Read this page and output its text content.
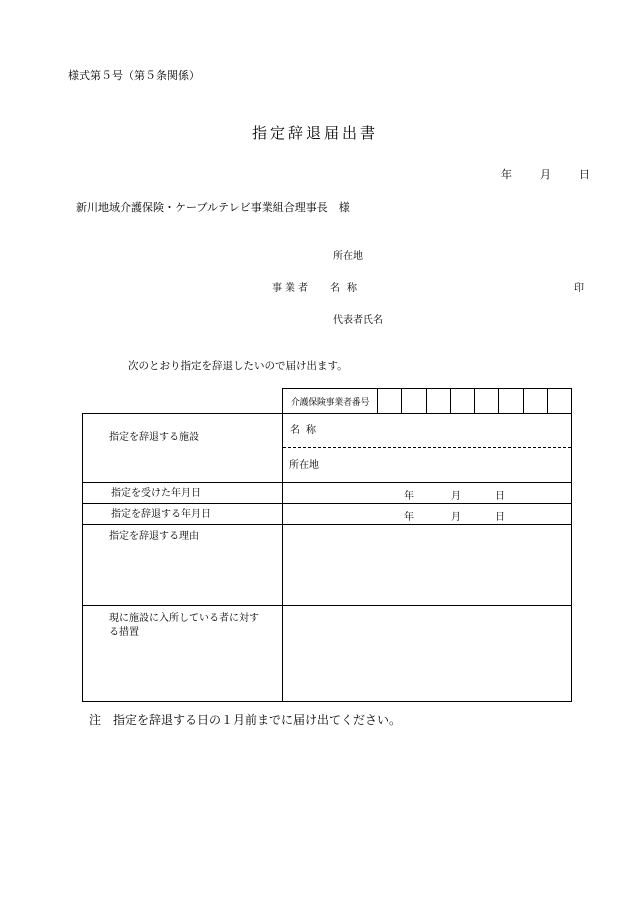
様式第５号（第５条関係）
指定辞退届出書
年	月	日
新川地域介護保険・ケーブルテレビ事業組合理事長　様
所在地
事業者 名称	印
代表者氏名
次のとおり指定を辞退したいので届け出ます。

介護保険事業者番号

指定を辞退する施設	名称
所在地

指定を受けた年月日	年 月 日

指定を辞退する年月日	年 月 日

指定を辞退する理由	

現に施設に入所している者に対する措置	

注　指定を辞退する日の１月前までに届け出てください。
